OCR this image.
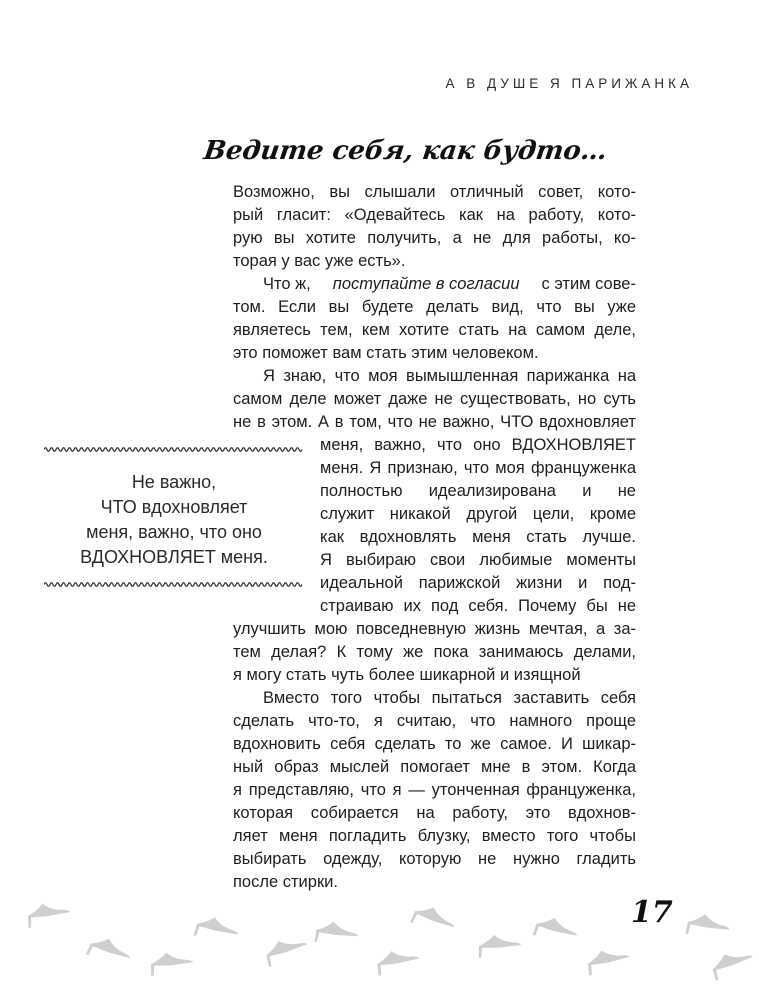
А В ДУШЕ Я ПАРИЖАНКА
Ведите себя, как будто…
Возможно, вы слышали отличный совет, кото-
рый гласит: «Одевайтесь как на работу, кото-
рую вы хотите получить, а не для работы, ко-
торая у вас уже есть».
Что ж, поступайте в согласии с этим сове-
том. Если вы будете делать вид, что вы уже
являетесь тем, кем хотите стать на самом деле,
это поможет вам стать этим человеком.
Я знаю, что моя вымышленная парижанка на
самом деле может даже не существовать, но суть
не в этом. А в том, что не важно, ЧТО вдохновляет
меня, важно, что оно ВДОХНОВЛЯЕТ
меня. Я признаю, что моя француженка
полностью идеализирована и не
служит никакой другой цели, кроме
как вдохновлять меня стать лучше.
Я выбираю свои любимые моменты
идеальной парижской жизни и под-
страиваю их под себя. Почему бы не
улучшить мою повседневную жизнь мечтая, а за-
тем делая? К тому же пока занимаюсь делами,
я могу стать чуть более шикарной и изящной
Вместо того чтобы пытаться заставить себя
сделать что-то, я считаю, что намного проще
вдохновить себя сделать то же самое. И шикар-
ный образ мыслей помогает мне в этом. Когда
я представляю, что я — утонченная француженка,
которая собирается на работу, это вдохнов-
ляет меня погладить блузку, вместо того чтобы
выбирать одежду, которую не нужно гладить
после стирки.
Не важно,
ЧТО вдохновляет
меня, важно, что оно
ВДОХНОВЛЯЕТ меня.
17
